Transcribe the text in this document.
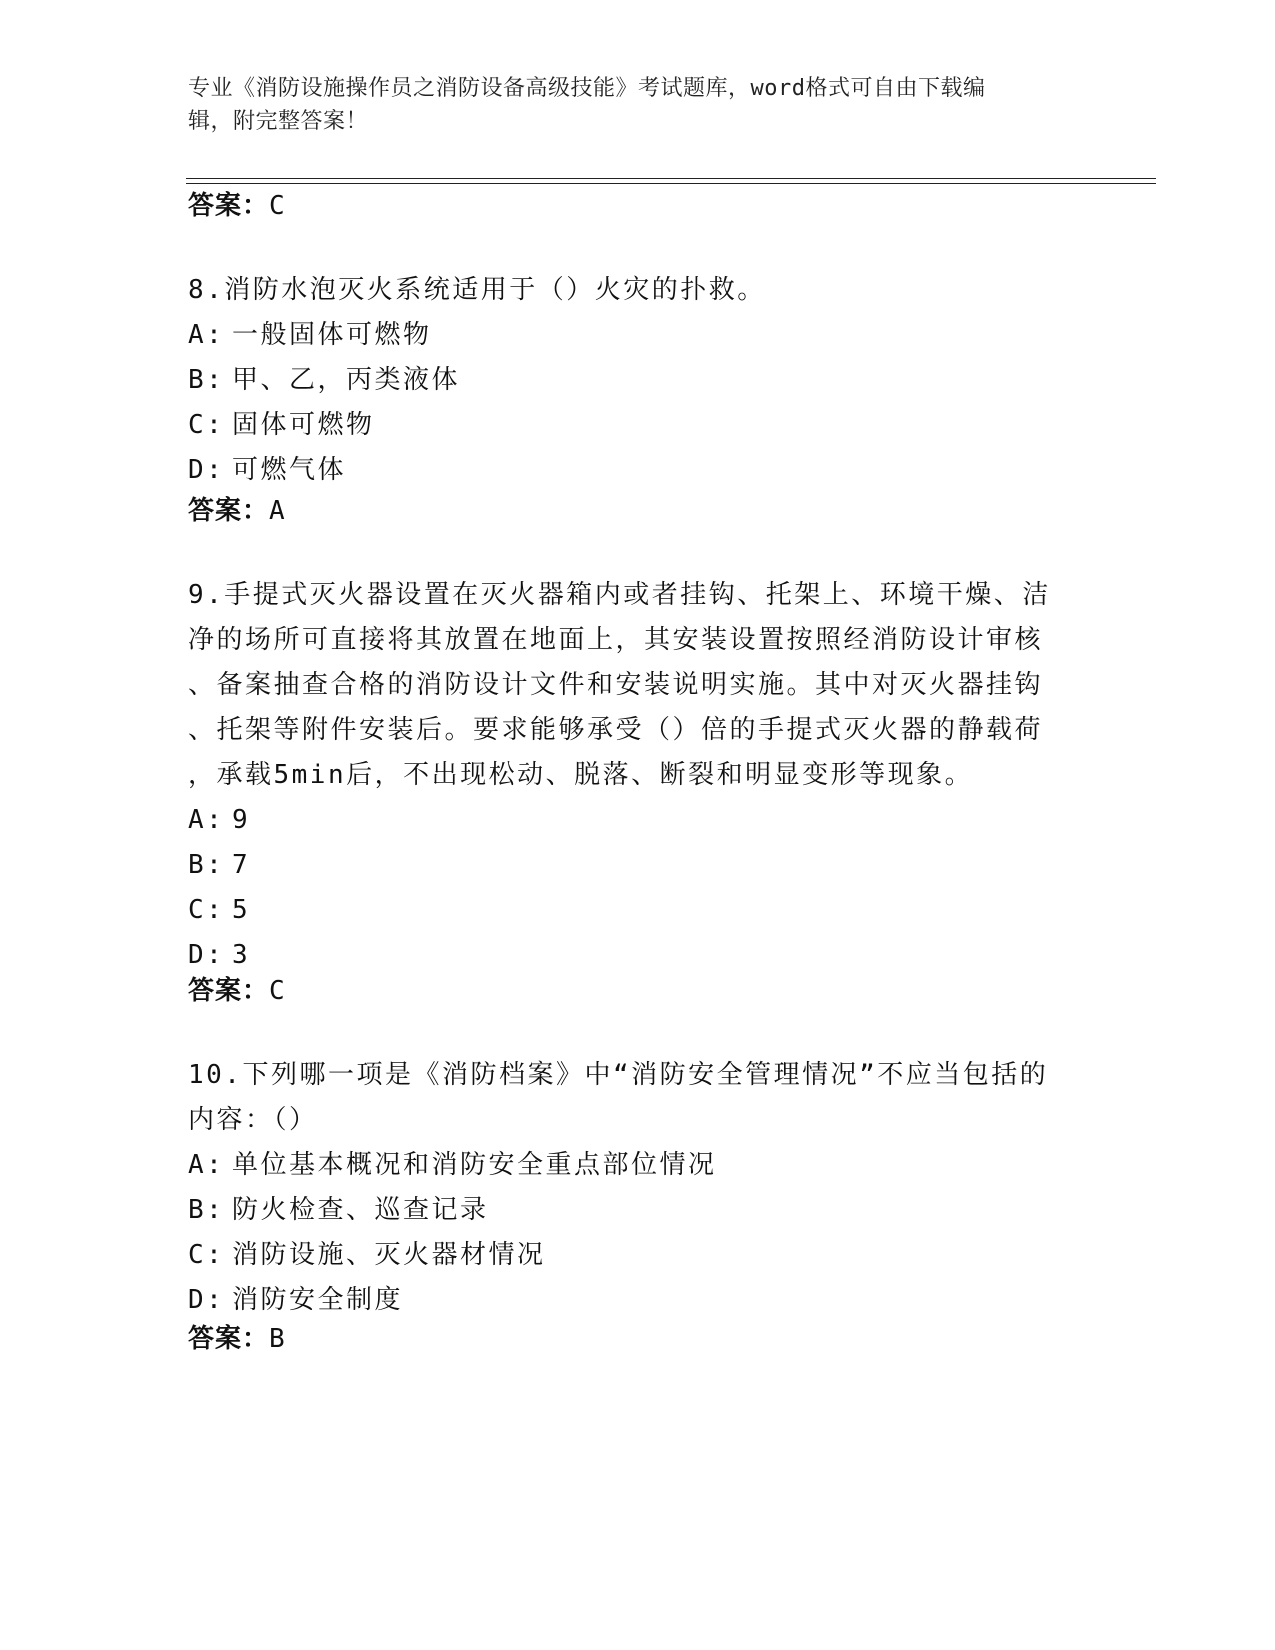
专业《消防设施操作员之消防设备高级技能》考试题库，word格式可自由下载编
辑，附完整答案！
答案：C
8.消防水泡灭火系统适用于（）火灾的扑救。
A: 一般固体可燃物
B: 甲、乙，丙类液体
C: 固体可燃物
D: 可燃气体
答案：A
9.手提式灭火器设置在灭火器箱内或者挂钩、托架上、环境干燥、洁
净的场所可直接将其放置在地面上，其安装设置按照经消防设计审核
、备案抽查合格的消防设计文件和安装说明实施。其中对灭火器挂钩
、托架等附件安装后。要求能够承受（）倍的手提式灭火器的静载荷
，承载5min后，不出现松动、脱落、断裂和明显变形等现象。
A: 9
B: 7
C: 5
D: 3
答案：C
10.下列哪一项是《消防档案》中“消防安全管理情况”不应当包括的
内容：（）
A: 单位基本概况和消防安全重点部位情况
B: 防火检查、巡查记录
C: 消防设施、灭火器材情况
D: 消防安全制度
答案：B
